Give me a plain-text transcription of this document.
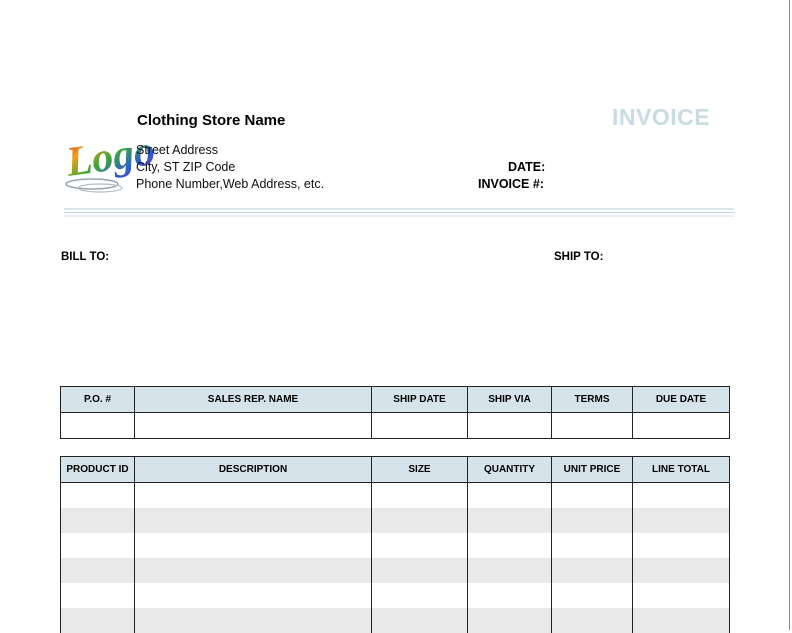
Logo
Clothing Store Name
Street Address
City, ST ZIP Code
Phone Number,Web Address, etc.
INVOICE
DATE:
INVOICE #:
BILL TO:	SHIP TO:
P.O. #	SALES REP. NAME	SHIP DATE	SHIP VIA	TERMS	DUE DATE

PRODUCT ID	DESCRIPTION	SIZE	QUANTITY	UNIT PRICE	LINE TOTAL
